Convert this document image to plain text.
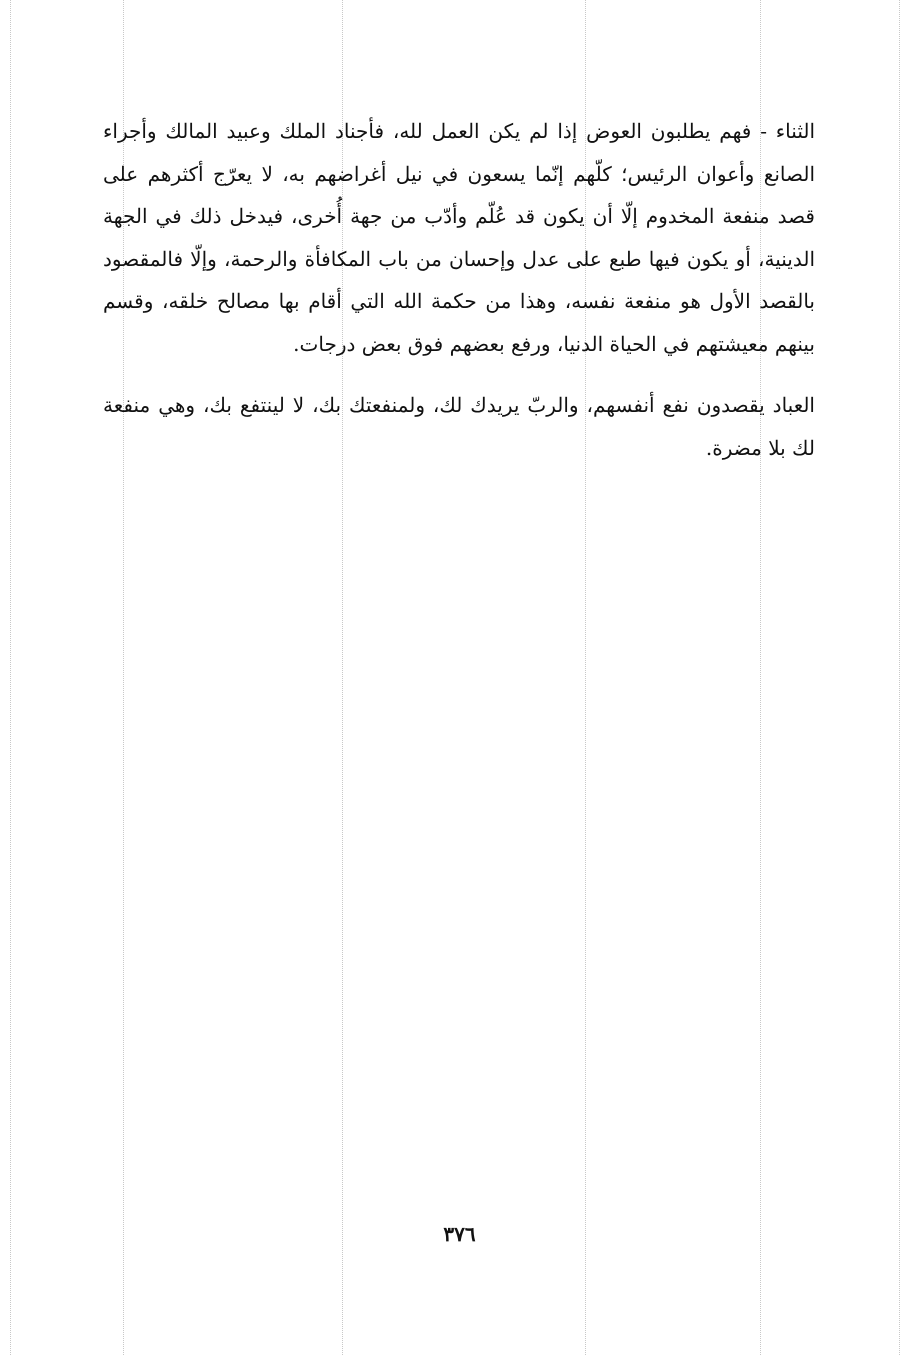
الثناء - فهم يطلبون العوض إذا لم يكن العمل لله، فأجناد الملك وعبيد المالك وأجراء الصانع وأعوان الرئيس؛ كلّهم إنّما يسعون في نيل أغراضهم به، لا يعرّج أكثرهم على قصد منفعة المخدوم إلّا أن يكون قد عُلّم وأدّب من جهة أُخرى، فيدخل ذلك في الجهة الدينية، أو يكون فيها طبع على عدل وإحسان من باب المكافأة والرحمة، وإلّا فالمقصود بالقصد الأول هو منفعة نفسه، وهذا من حكمة الله التي أقام بها مصالح خلقه، وقسم بينهم معيشتهم في الحياة الدنيا، ورفع بعضهم فوق بعض درجات.

العباد يقصدون نفع أنفسهم، والربّ يريدك لك، ولمنفعتك بك، لا لينتفع بك، وهي منفعة لك بلا مضرة.

٣٧٦
